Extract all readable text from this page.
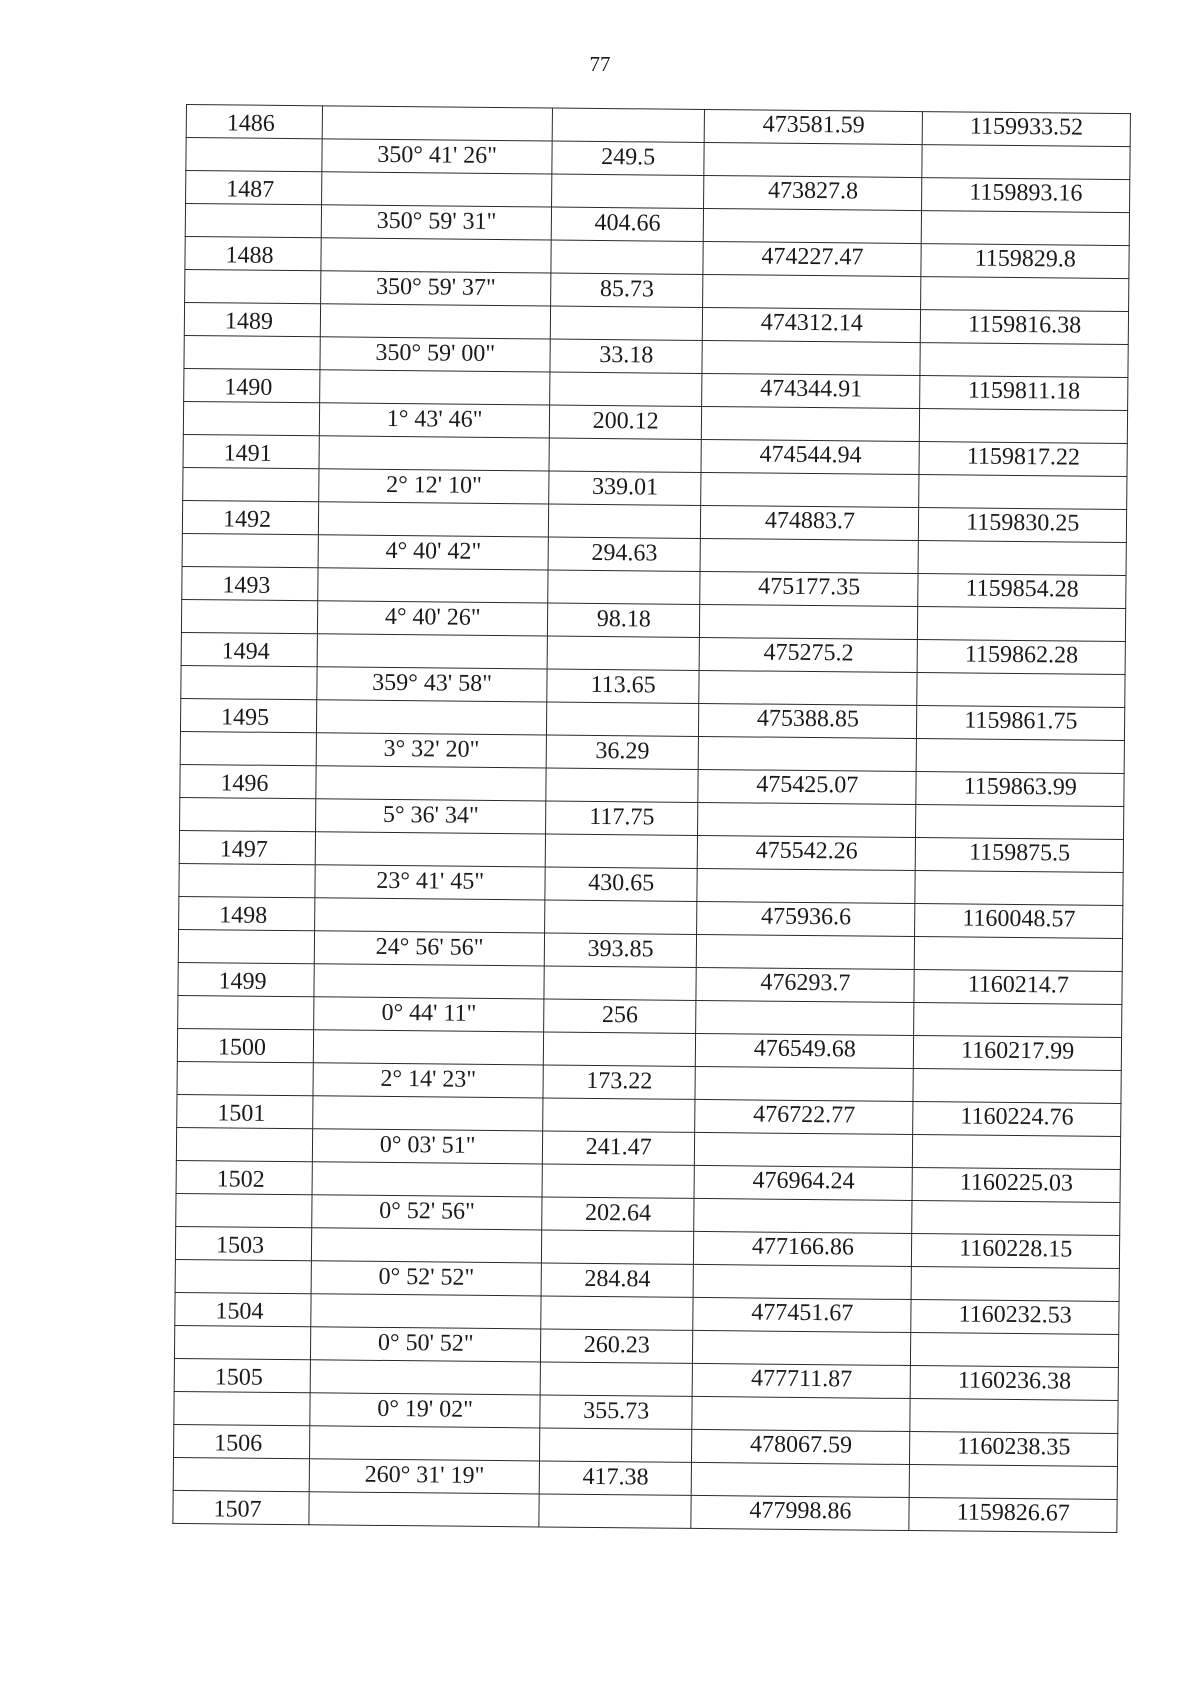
77
1486			473581.59	1159933.52
	350° 41' 26"	249.5		
1487			473827.8	1159893.16
	350° 59' 31"	404.66		
1488			474227.47	1159829.8
	350° 59' 37"	85.73		
1489			474312.14	1159816.38
	350° 59' 00"	33.18		
1490			474344.91	1159811.18
	1° 43' 46"	200.12		
1491			474544.94	1159817.22
	2° 12' 10"	339.01		
1492			474883.7	1159830.25
	4° 40' 42"	294.63		
1493			475177.35	1159854.28
	4° 40' 26"	98.18		
1494			475275.2	1159862.28
	359° 43' 58"	113.65		
1495			475388.85	1159861.75
	3° 32' 20"	36.29		
1496			475425.07	1159863.99
	5° 36' 34"	117.75		
1497			475542.26	1159875.5
	23° 41' 45"	430.65		
1498			475936.6	1160048.57
	24° 56' 56"	393.85		
1499			476293.7	1160214.7
	0° 44' 11"	256		
1500			476549.68	1160217.99
	2° 14' 23"	173.22		
1501			476722.77	1160224.76
	0° 03' 51"	241.47		
1502			476964.24	1160225.03
	0° 52' 56"	202.64		
1503			477166.86	1160228.15
	0° 52' 52"	284.84		
1504			477451.67	1160232.53
	0° 50' 52"	260.23		
1505			477711.87	1160236.38
	0° 19' 02"	355.73		
1506			478067.59	1160238.35
	260° 31' 19"	417.38		
1507			477998.86	1159826.67
